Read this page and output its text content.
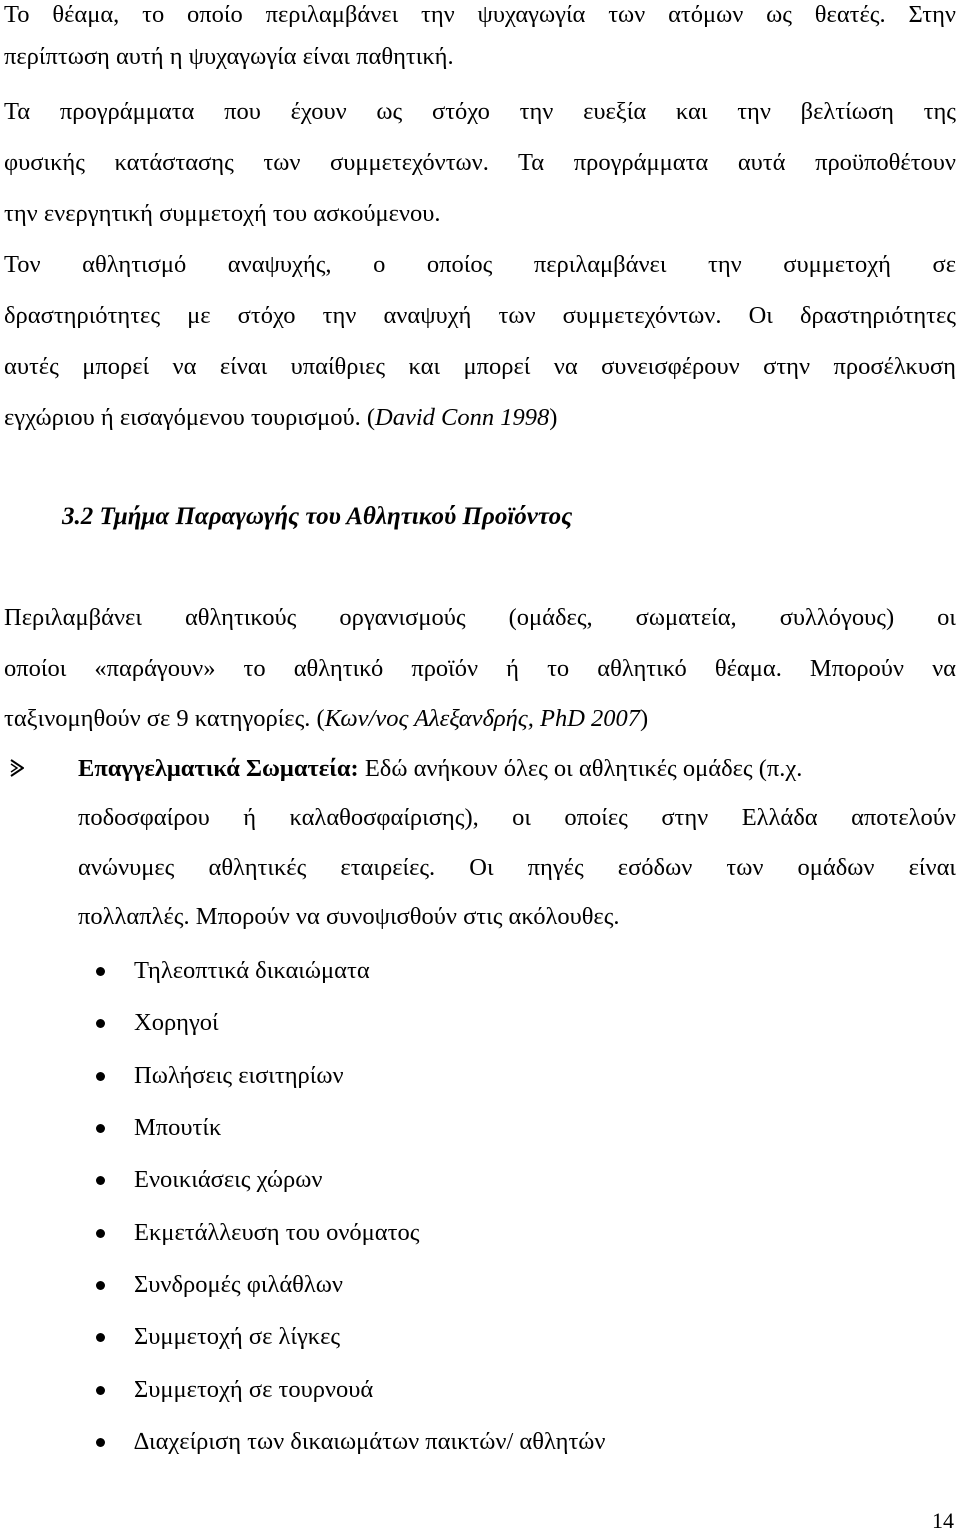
Το θέαμα, το οποίο περιλαμβάνει την ψυχαγωγία των ατόμων ως θεατές. Στην
περίπτωση αυτή η ψυχαγωγία είναι παθητική.
Τα προγράμματα που έχουν ως στόχο την ευεξία και την βελτίωση της
φυσικής κατάστασης των συμμετεχόντων. Τα προγράμματα αυτά προϋποθέτουν
την ενεργητική συμμετοχή του ασκούμενου.
Τον αθλητισμό αναψυχής, ο οποίος περιλαμβάνει την συμμετοχή σε
δραστηριότητες με στόχο την αναψυχή των συμμετεχόντων. Οι δραστηριότητες
αυτές μπορεί να είναι υπαίθριες και μπορεί να συνεισφέρουν στην προσέλκυση
εγχώριου ή εισαγόμενου τουρισμού. (David Conn 1998)
3.2 Τμήμα Παραγωγής του Αθλητικού Προϊόντος
Περιλαμβάνει αθλητικούς οργανισμούς (ομάδες, σωματεία, συλλόγους) οι
οποίοι «παράγουν» το αθλητικό προϊόν ή το αθλητικό θέαμα. Μπορούν να
ταξινομηθούν σε 9 κατηγορίες. (Κων/νος Αλεξανδρής, PhD 2007)
Επαγγελματικά Σωματεία: Εδώ ανήκουν όλες οι αθλητικές ομάδες (π.χ.
ποδοσφαίρου ή καλαθοσφαίρισης), οι οποίες στην Ελλάδα αποτελούν
ανώνυμες αθλητικές εταιρείες. Οι πηγές εσόδων των ομάδων είναι
πολλαπλές. Μπορούν να συνοψισθούν στις ακόλουθες.
Τηλεοπτικά δικαιώματα
Χορηγοί
Πωλήσεις εισιτηρίων
Μπουτίκ
Ενοικιάσεις χώρων
Εκμετάλλευση του ονόματος
Συνδρομές φιλάθλων
Συμμετοχή σε λίγκες
Συμμετοχή σε τουρνουά
∆ιαχείριση των δικαιωμάτων παικτών/ αθλητών
14
